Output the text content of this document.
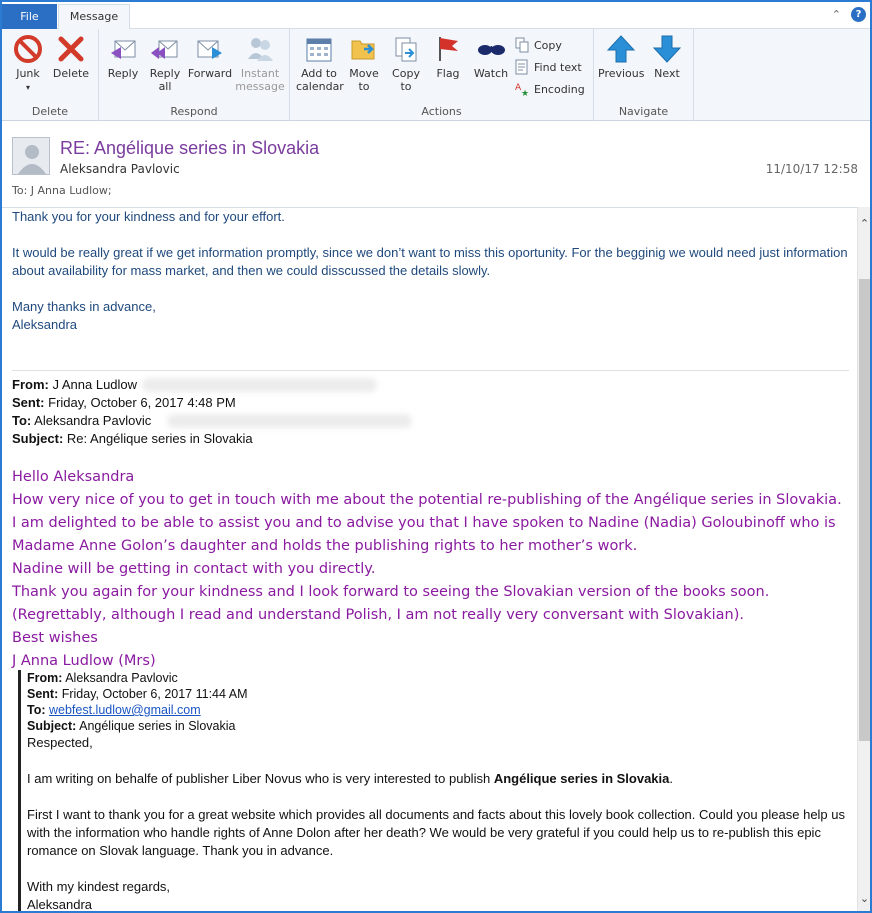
File	Message	⌃	?
Junk
▾
Delete
Delete
Reply	Reply
all
Forward Instant
message
Respond
Add to
calendar
Move
to
Copy
to
Flag	Watch
Copy
Find text
A
★ Encoding
Actions
Previous Next
Navigate
RE: Angélique series in Slovakia
Aleksandra Pavlovic	11/10/17 12:58
To: J Anna Ludlow;
Thank you for your kindness and for your effort.
It would be really great if we get information promptly, since we don’t want to miss this oportunity. For the begginig we would need just information about availability for mass market, and then we could disscussed the details slowly.
Many thanks in advance,
Aleksandra
From: J Anna Ludlow
Sent: Friday, October 6, 2017 4:48 PM
To: Aleksandra Pavlovic
Subject: Re: Angélique series in Slovakia
Hello Aleksandra
How very nice of you to get in touch with me about the potential re-publishing of the Angélique series in Slovakia.
I am delighted to be able to assist you and to advise you that I have spoken to Nadine (Nadia) Goloubinoff who is
Madame Anne Golon’s daughter and holds the publishing rights to her mother’s work.
Nadine will be getting in contact with you directly.
Thank you again for your kindness and I look forward to seeing the Slovakian version of the books soon.
(Regrettably, although I read and understand Polish, I am not really very conversant with Slovakian).
Best wishes
J Anna Ludlow (Mrs)
From: Aleksandra Pavlovic
Sent: Friday, October 6, 2017 11:44 AM
To: webfest.ludlow@gmail.com
Subject: Angélique series in Slovakia
Respected,
I am writing on behalfe of publisher Liber Novus who is very interested to publish Angélique series in Slovakia.
First I want to thank you for a great website which provides all documents and facts about this lovely book collection. Could you please help us with the information who handle rights of Anne Dolon after her death? We would be very grateful if you could help us to re-publish this epic romance on Slovak language. Thank you in advance.
With my kindest regards,
Aleksandra
⌃
⌄
